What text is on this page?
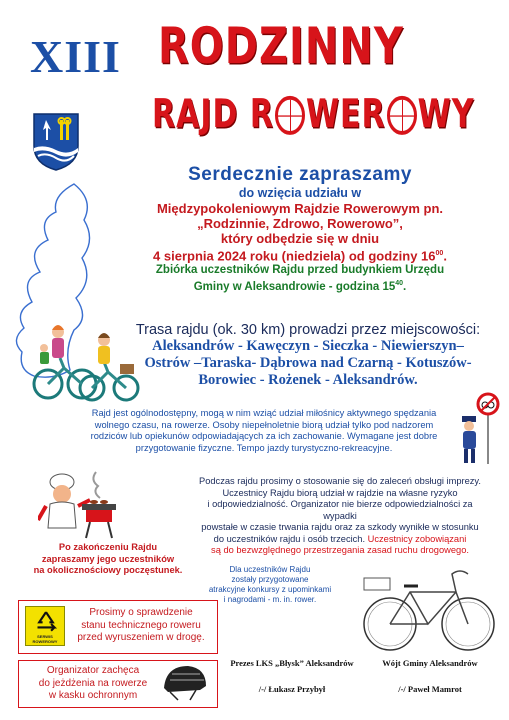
XIII RODZINNY
RAJD R WER WY
Serdecznie zapraszamy
do wzięcia udziału w
Międzypokoleniowym Rajdzie Rowerowym pn.
„Rodzinnie, Zdrowo, Rowerowo”,
który odbędzie się w dniu
4 sierpnia 2024 roku (niedziela) od godziny $16^{00}$.
Zbiórka uczestników Rajdu przed budynkiem Urzędu
Gminy w Aleksandrowie - godzina $15^{40}$.
Trasa rajdu (ok. 30 km) prowadzi przez miejscowości:
Aleksandrów - Kawęczyn - Sieczka - Niewierszyn–
Ostrów –Taraska- Dąbrowa nad Czarną - Kotuszów-
Borowiec - Rożenek - Aleksandrów.
Rajd jest ogólnodostępny, mogą w nim wziąć udział miłośnicy aktywnego spędzania
wolnego czasu, na rowerze. Osoby niepełnoletnie biorą udział tylko pod nadzorem
rodziców lub opiekunów odpowiadających za ich zachowanie. Wymagane jest dobre
przygotowanie fizyczne. Tempo jazdy turystyczno-rekreacyjne.
Podczas rajdu prosimy o stosowanie się do zaleceń obsługi imprezy.
Uczestnicy Rajdu biorą udział w rajdzie na własne ryzyko
i odpowiedzialność. Organizator nie bierze odpowiedzialności za wypadki
powstałe w czasie trwania rajdu oraz za szkody wynikłe w stosunku
do uczestników rajdu i osób trzecich. Uczestnicy zobowiązani
są do bezwzględnego przestrzegania zasad ruchu drogowego.
Po zakończeniu Rajdu
zapraszamy jego uczestników
na okolicznościowy poczęstunek.	Dla uczestników Rajdu
zostały przygotowane
atrakcyjne konkursy z upominkami
i nagrodami - m. in. rower.
SERWIS ROWEROWY
Prosimy o sprawdzenie
stanu technicznego roweru
przed wyruszeniem w drogę.
Organizator zachęca
do jeżdżenia na rowerze
w kasku ochronnym
Prezes LKS „Błysk” Aleksandrów
/-/ Łukasz Przybył
Wójt Gminy Aleksandrów
/-/ Paweł Mamrot
